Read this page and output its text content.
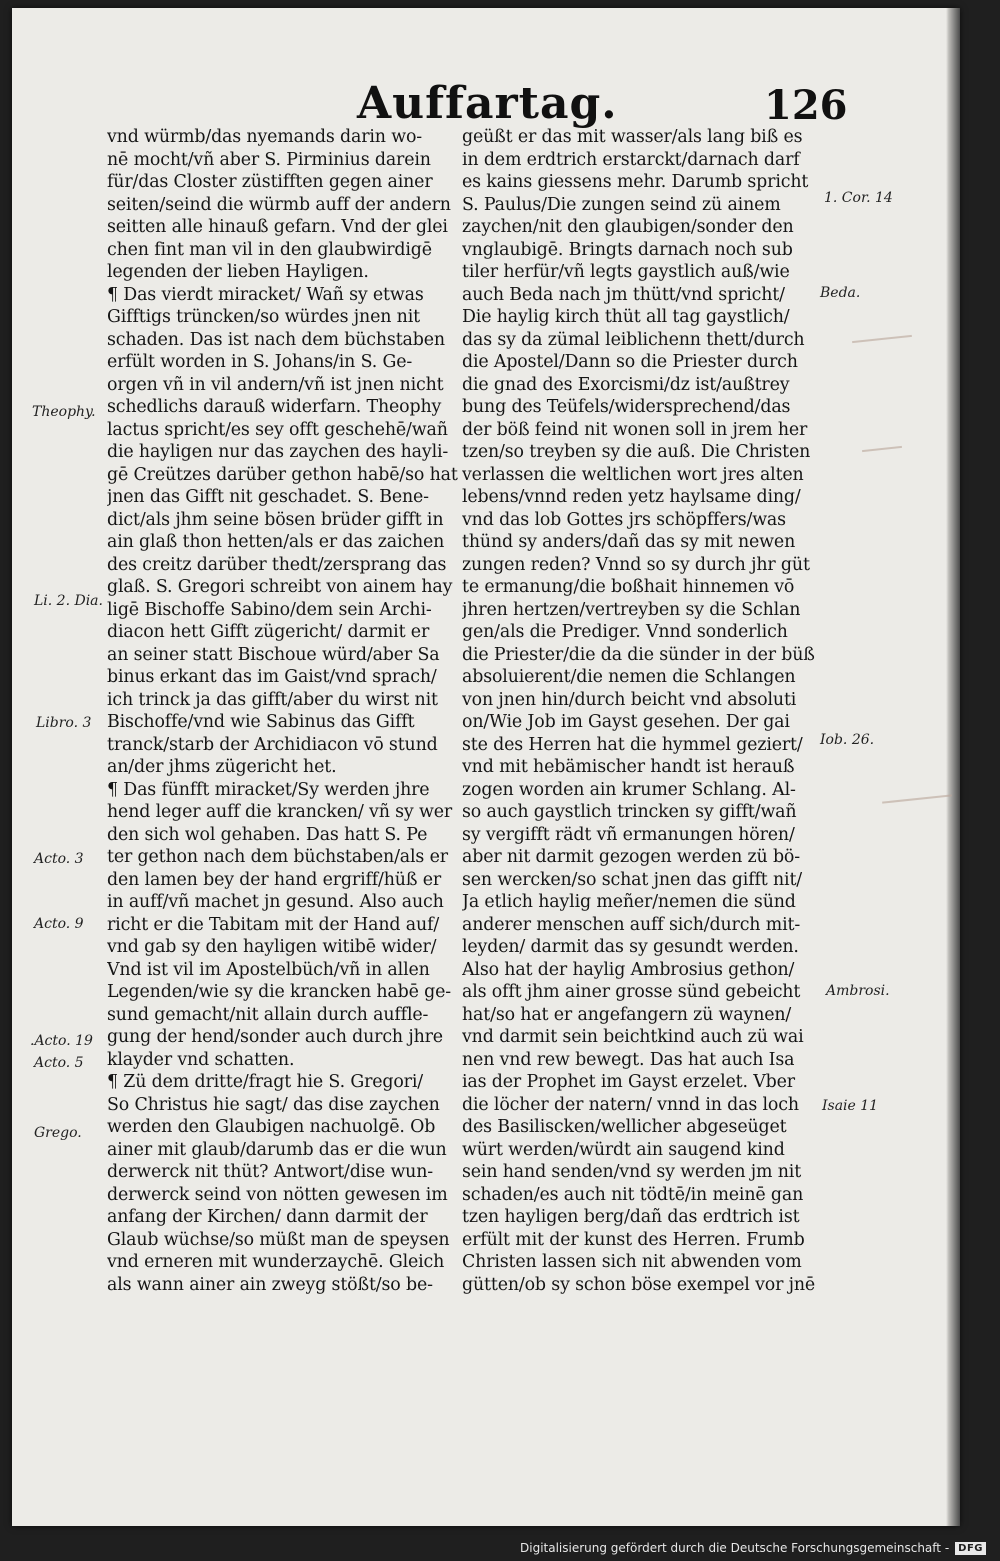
Auffartag.	126
vnd würmb/das nyemands darin wo-
nē mocht/vñ aber S. Pirminius darein
für/das Closter züstifften gegen ainer
seiten/seind die würmb auff der andern
seitten alle hinauß gefarn. Vnd der glei
chen fint man vil in den glaubwirdigē
legenden der lieben Hayligen.
¶ Das vierdt miracket/ Wañ sy etwas
Gifftigs trüncken/so würdes jnen nit
schaden. Das ist nach dem büchstaben
erfült worden in S. Johans/in S. Ge-
orgen vñ in vil andern/vñ ist jnen nicht
schedlichs darauß widerfarn. Theophy
lactus spricht/es sey offt geschehē/wañ
die hayligen nur das zaychen des hayli-
gē Creützes darüber gethon habē/so hat
jnen das Gifft nit geschadet. S. Bene-
dict/als jhm seine bösen brüder gifft in
ain glaß thon hetten/als er das zaichen
des creitz darüber thedt/zersprang das
glaß. S. Gregori schreibt von ainem hay
ligē Bischoffe Sabino/dem sein Archi-
diacon hett Gifft zügericht/ darmit er
an seiner statt Bischoue würd/aber Sa
binus erkant das im Gaist/vnd sprach/
ich trinck ja das gifft/aber du wirst nit
Bischoffe/vnd wie Sabinus das Gifft
tranck/starb der Archidiacon vō stund
an/der jhms zügericht het.
¶ Das fünfft miracket/Sy werden jhre
hend leger auff die krancken/ vñ sy wer
den sich wol gehaben. Das hatt S. Pe
ter gethon nach dem büchstaben/als er
den lamen bey der hand ergriff/hüß er
in auff/vñ machet jn gesund. Also auch
richt er die Tabitam mit der Hand auf/
vnd gab sy den hayligen witibē wider/
Vnd ist vil im Apostelbüch/vñ in allen
Legenden/wie sy die krancken habē ge-
sund gemacht/nit allain durch auffle-
gung der hend/sonder auch durch jhre
klayder vnd schatten.
¶ Zü dem dritte/fragt hie S. Gregori/
So Christus hie sagt/ das dise zaychen
werden den Glaubigen nachuolgē. Ob
ainer mit glaub/darumb das er die wun
derwerck nit thüt? Antwort/dise wun-
derwerck seind von nötten gewesen im
anfang der Kirchen/ dann darmit der
Glaub wüchse/so müßt man de speysen
vnd erneren mit wunderzaychē. Gleich
als wann ainer ain zweyg stößt/so be-
geüßt er das mit wasser/als lang biß es
in dem erdtrich erstarckt/darnach darf
es kains giessens mehr. Darumb spricht
S. Paulus/Die zungen seind zü ainem
zaychen/nit den glaubigen/sonder den
vnglaubigē. Bringts darnach noch sub
tiler herfür/vñ legts gaystlich auß/wie
auch Beda nach jm thütt/vnd spricht/
Die haylig kirch thüt all tag gaystlich/
das sy da zümal leiblichenn thett/durch
die Apostel/Dann so die Priester durch
die gnad des Exorcismi/dz ist/außtrey
bung des Teüfels/widersprechend/das
der böß feind nit wonen soll in jrem her
tzen/so treyben sy die auß. Die Christen
verlassen die weltlichen wort jres alten
lebens/vnnd reden yetz haylsame ding/
vnd das lob Gottes jrs schöpffers/was
thünd sy anders/dañ das sy mit newen
zungen reden? Vnnd so sy durch jhr güt
te ermanung/die boßhait hinnemen vō
jhren hertzen/vertreyben sy die Schlan
gen/als die Prediger. Vnnd sonderlich
die Priester/die da die sünder in der büß
absoluierent/die nemen die Schlangen
von jnen hin/durch beicht vnd absoluti
on/Wie Job im Gayst gesehen. Der gai
ste des Herren hat die hymmel geziert/
vnd mit hebämischer handt ist herauß
zogen worden ain krumer Schlang. Al-
so auch gaystlich trincken sy gifft/wañ
sy vergifft rädt vñ ermanungen hören/
aber nit darmit gezogen werden zü bö-
sen wercken/so schat jnen das gifft nit/
Ja etlich haylig meñer/nemen die sünd
anderer menschen auff sich/durch mit-
leyden/ darmit das sy gesundt werden.
Also hat der haylig Ambrosius gethon/
als offt jhm ainer grosse sünd gebeicht
hat/so hat er angefangern zü waynen/
vnd darmit sein beichtkind auch zü wai
nen vnd rew bewegt. Das hat auch Isa
ias der Prophet im Gayst erzelet. Vber
die löcher der natern/ vnnd in das loch
des Basiliscken/wellicher abgeseüget
würt werden/würdt ain saugend kind
sein hand senden/vnd sy werden jm nit
schaden/es auch nit tödtē/in meinē gan
tzen hayligen berg/dañ das erdtrich ist
erfült mit der kunst des Herren. Frumb
Christen lassen sich nit abwenden vom
gütten/ob sy schon böse exempel vor jnē
Theophy.
Li. 2. Dia.
Libro. 3
Acto. 3
Acto. 9
.Acto. 19
Acto. 5
Grego.
1. Cor. 14
Beda.
Iob. 26.
Ambrosi.
Isaie 11
Digitalisierung gefördert durch die Deutsche Forschungsgemeinschaft - DFG
